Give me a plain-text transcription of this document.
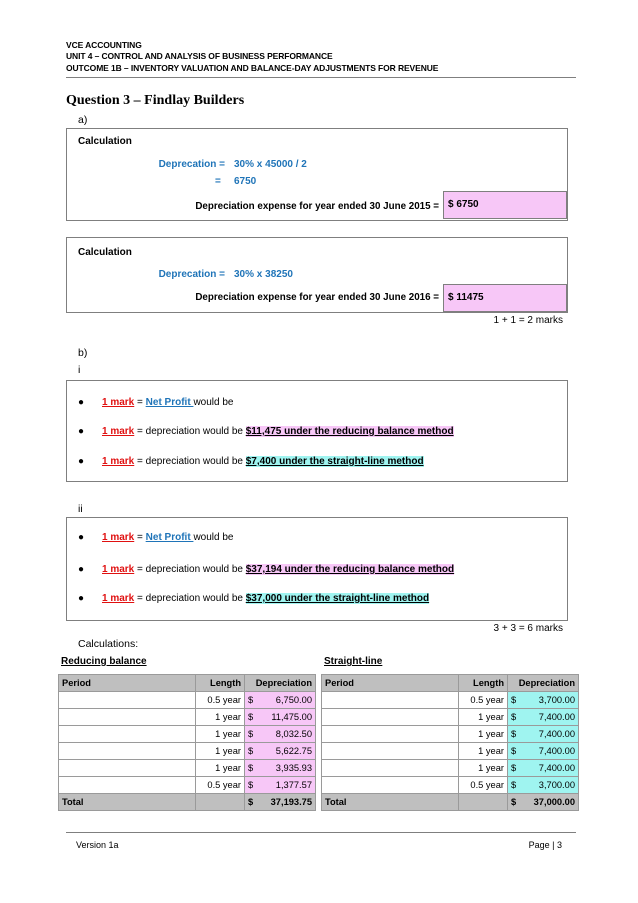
VCE ACCOUNTING
UNIT 4 – CONTROL AND ANALYSIS OF BUSINESS PERFORMANCE
OUTCOME 1B – INVENTORY VALUATION AND BALANCE-DAY ADJUSTMENTS FOR REVENUE
Question 3 – Findlay Builders
a)
Calculation
Deprecation = 30% x 45000 / 2
= 6750
Depreciation expense for year ended 30 June 2015 = $ 6750
Calculation
Deprecation = 30% x 38250
Depreciation expense for year ended 30 June 2016 = $ 11475
1 + 1 = 2 marks
b)
i
● 1 mark = Net Profit would be
● 1 mark = depreciation would be $11,475 under the reducing balance method
● 1 mark = depreciation would be $7,400 under the straight-line method
ii
● 1 mark = Net Profit would be
● 1 mark = depreciation would be $37,194 under the reducing balance method
● 1 mark = depreciation would be $37,000 under the straight-line method
3 + 3 = 6 marks
Calculations:
Reducing balance	Straight-line
Period	Length	Depreciation	
	0.5 year	$	6,750.00
	1 year	$	11,475.00
	1 year	$	8,032.50
	1 year	$	5,622.75
	1 year	$	3,935.93
	0.5 year	$	1,377.57
Total		$	37,193.75
Period	Length	Depreciation	
	0.5 year	$	3,700.00
	1 year	$	7,400.00
	1 year	$	7,400.00
	1 year	$	7,400.00
	1 year	$	7,400.00
	0.5 year	$	3,700.00
Total		$	37,000.00
Version 1a	Page | 3
